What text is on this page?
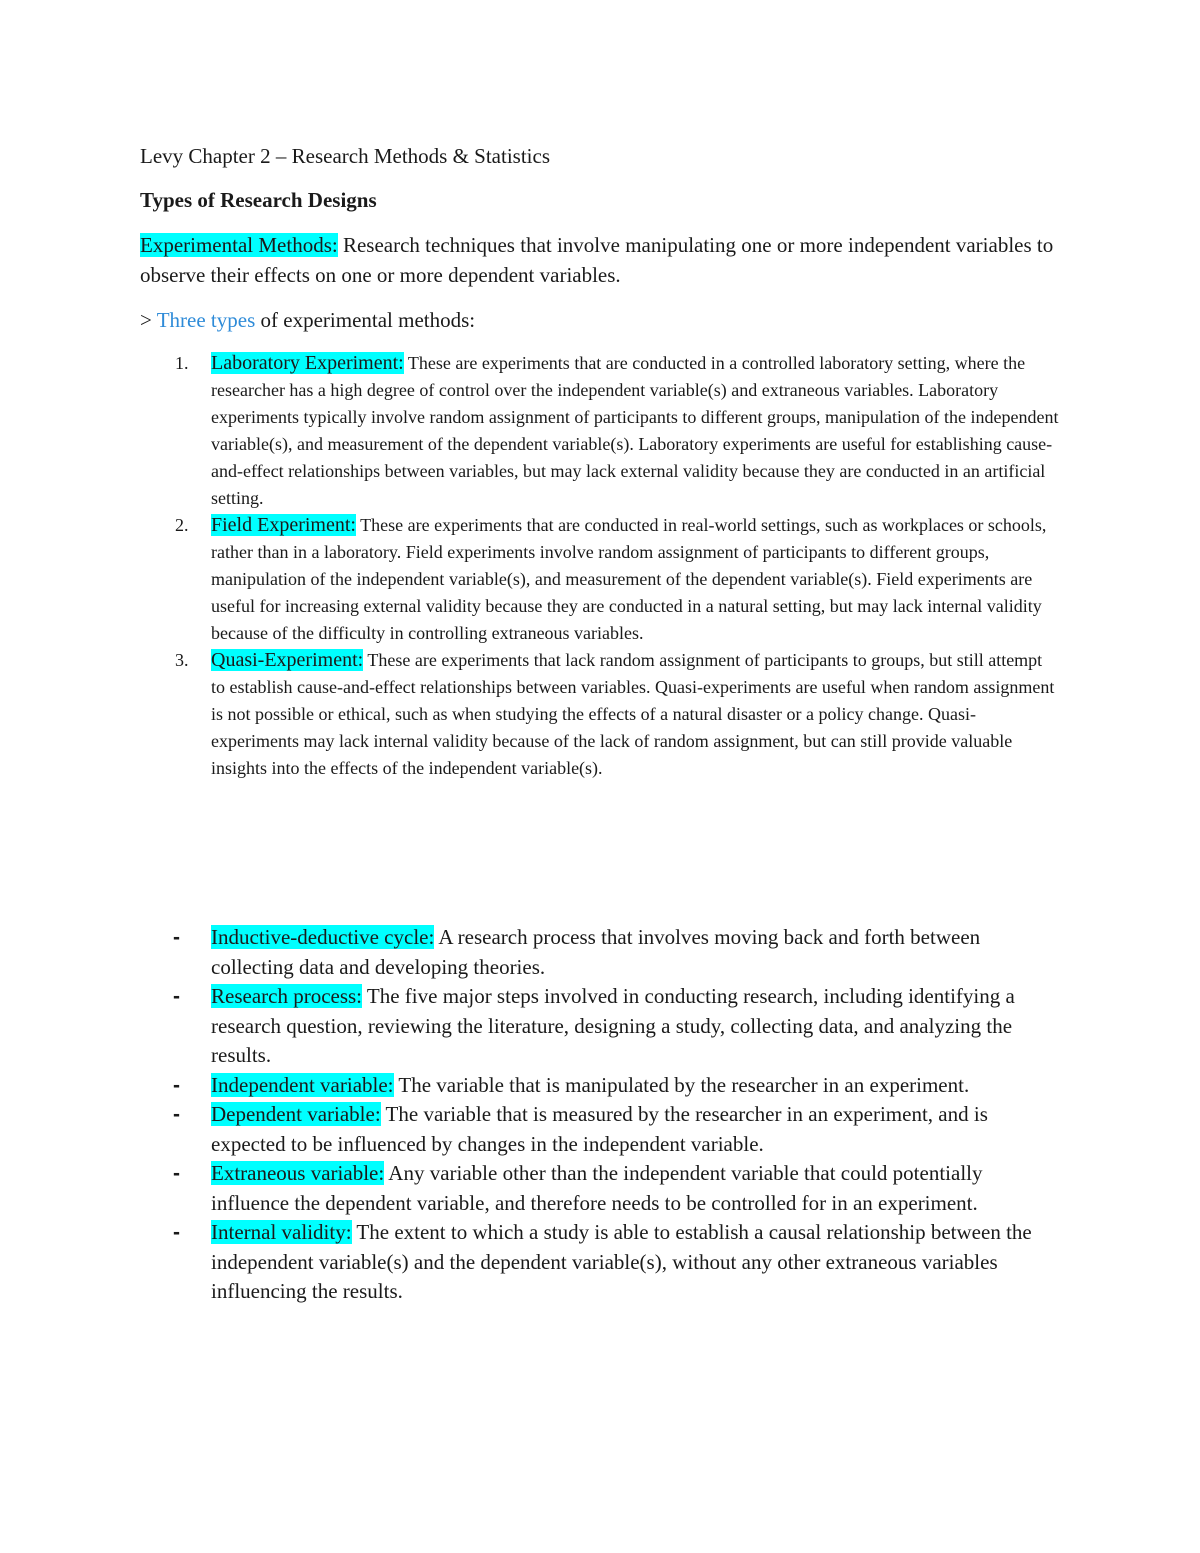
Levy Chapter 2 – Research Methods & Statistics
Types of Research Designs
Experimental Methods: Research techniques that involve manipulating one or more independent variables to observe their effects on one or more dependent variables.
> Three types of experimental methods:
1. Laboratory Experiment: These are experiments that are conducted in a controlled laboratory setting, where the researcher has a high degree of control over the independent variable(s) and extraneous variables. Laboratory experiments typically involve random assignment of participants to different groups, manipulation of the independent variable(s), and measurement of the dependent variable(s). Laboratory experiments are useful for establishing cause-and-effect relationships between variables, but may lack external validity because they are conducted in an artificial setting.
2. Field Experiment: These are experiments that are conducted in real-world settings, such as workplaces or schools, rather than in a laboratory. Field experiments involve random assignment of participants to different groups, manipulation of the independent variable(s), and measurement of the dependent variable(s). Field experiments are useful for increasing external validity because they are conducted in a natural setting, but may lack internal validity because of the difficulty in controlling extraneous variables.
3. Quasi-Experiment: These are experiments that lack random assignment of participants to groups, but still attempt to establish cause-and-effect relationships between variables. Quasi-experiments are useful when random assignment is not possible or ethical, such as when studying the effects of a natural disaster or a policy change. Quasi-experiments may lack internal validity because of the lack of random assignment, but can still provide valuable insights into the effects of the independent variable(s).
- Inductive-deductive cycle: A research process that involves moving back and forth between collecting data and developing theories.
- Research process: The five major steps involved in conducting research, including identifying a research question, reviewing the literature, designing a study, collecting data, and analyzing the results.
- Independent variable: The variable that is manipulated by the researcher in an experiment.
- Dependent variable: The variable that is measured by the researcher in an experiment, and is expected to be influenced by changes in the independent variable.
- Extraneous variable: Any variable other than the independent variable that could potentially influence the dependent variable, and therefore needs to be controlled for in an experiment.
- Internal validity: The extent to which a study is able to establish a causal relationship between the independent variable(s) and the dependent variable(s), without any other extraneous variables influencing the results.
